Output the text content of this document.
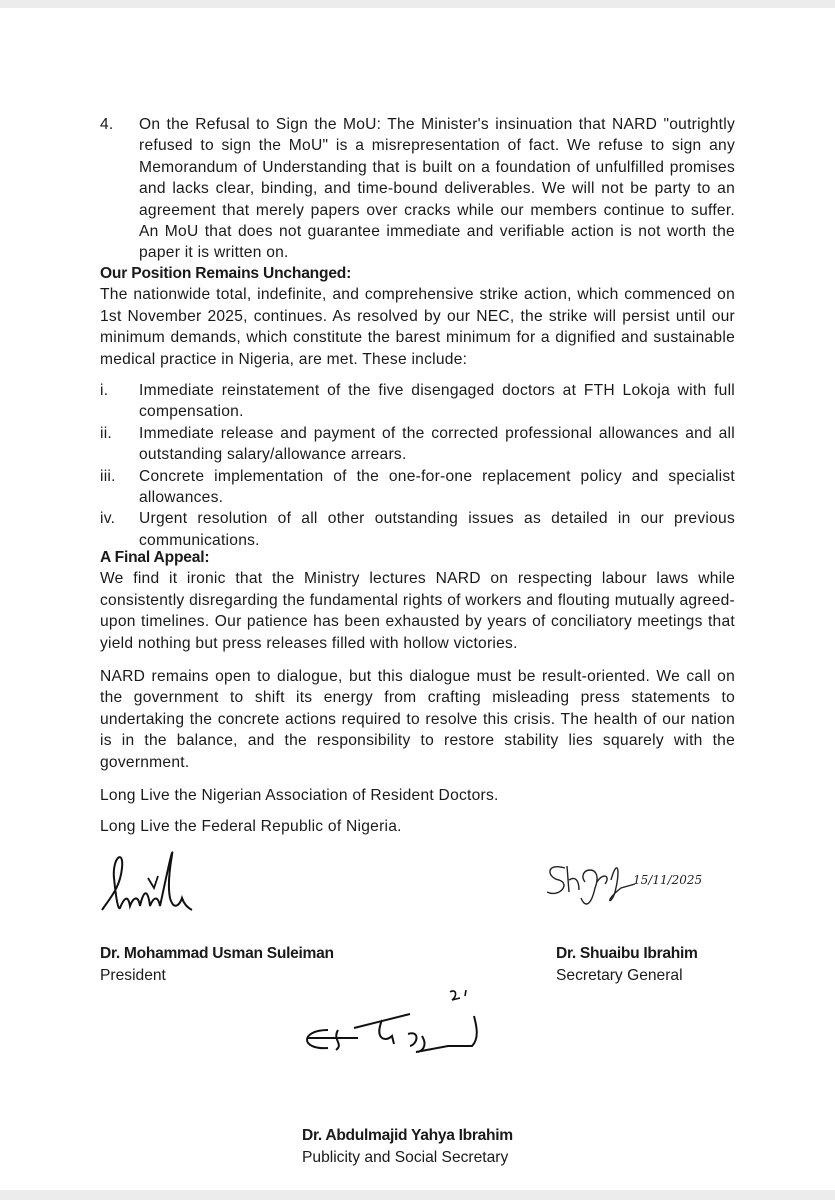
4.	On the Refusal to Sign the MoU: The Minister's insinuation that NARD "outrightly refused to sign the MoU" is a misrepresentation of fact. We refuse to sign any Memorandum of Understanding that is built on a foundation of unfulfilled promises and lacks clear, binding, and time-bound deliverables. We will not be party to an agreement that merely papers over cracks while our members continue to suffer. An MoU that does not guarantee immediate and verifiable action is not worth the paper it is written on.
Our Position Remains Unchanged:

The nationwide total, indefinite, and comprehensive strike action, which commenced on 1st November 2025, continues. As resolved by our NEC, the strike will persist until our minimum demands, which constitute the barest minimum for a dignified and sustainable medical practice in Nigeria, are met. These include:

i.	Immediate reinstatement of the five disengaged doctors at FTH Lokoja with full compensation.
ii.	Immediate release and payment of the corrected professional allowances and all outstanding salary/allowance arrears.
iii.	Concrete implementation of the one-for-one replacement policy and specialist allowances.
iv.	Urgent resolution of all other outstanding issues as detailed in our previous communications.
A Final Appeal:

We find it ironic that the Ministry lectures NARD on respecting labour laws while consistently disregarding the fundamental rights of workers and flouting mutually agreed-upon timelines. Our patience has been exhausted by years of conciliatory meetings that yield nothing but press releases filled with hollow victories.

NARD remains open to dialogue, but this dialogue must be result-oriented. We call on the government to shift its energy from crafting misleading press statements to undertaking the concrete actions required to resolve this crisis. The health of our nation is in the balance, and the responsibility to restore stability lies squarely with the government.

Long Live the Nigerian Association of Resident Doctors.

Long Live the Federal Republic of Nigeria.

15/11/2025
Dr. Mohammad Usman Suleiman
President
Dr. Shuaibu Ibrahim
Secretary General
Dr. Abdulmajid Yahya Ibrahim
Publicity and Social Secretary
